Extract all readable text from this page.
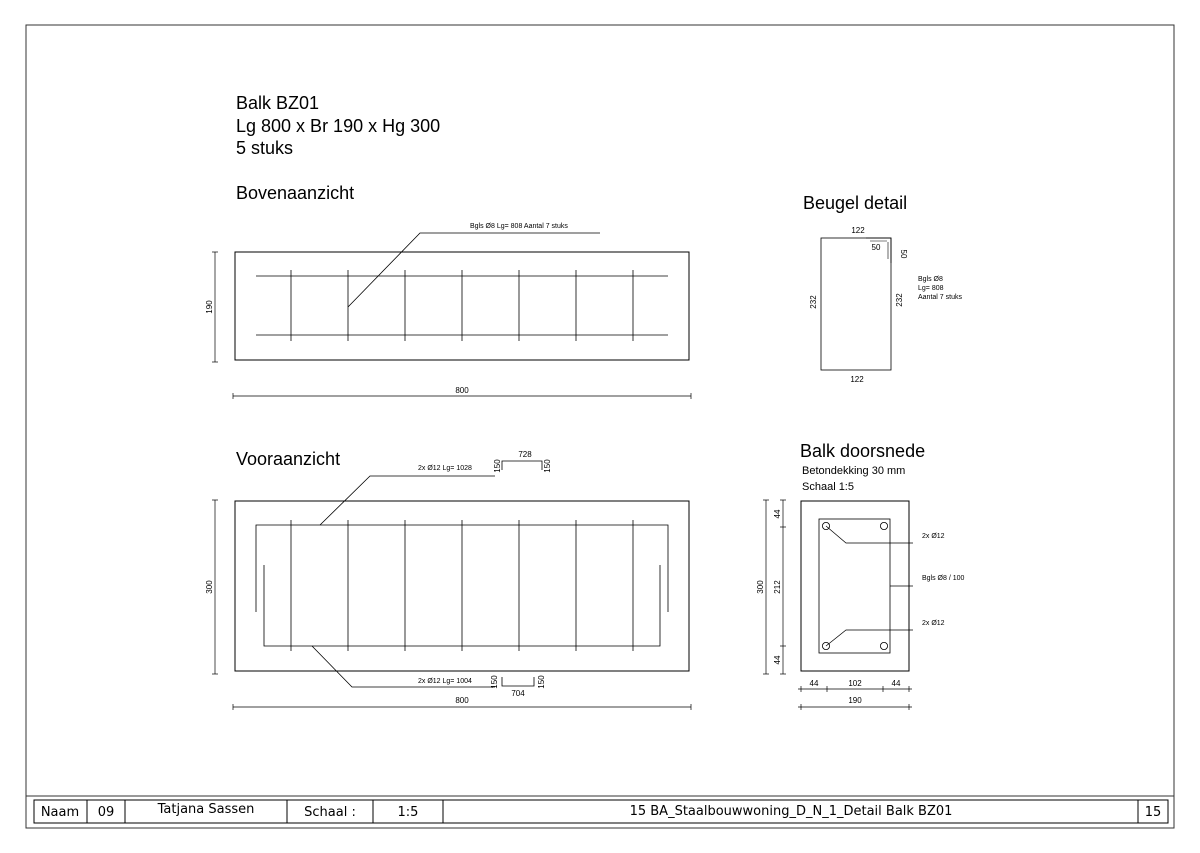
Balk BZ01
Lg 800 x Br 190 x Hg 300
5 stuks
Bovenaanzicht
Bgls Ø8 Lg= 808 Aantal 7 stuks
190
800
Vooraanzicht	2x Ø12 Lg= 1028
728
150	150
2x Ø12 Lg= 1004
704
150	150
300
800
Beugel detail
122
122
50
50
232	232
Bgls Ø8
Lg= 808
Aantal 7 stuks
Balk doorsnede
Betondekking 30 mm
Schaal 1:5
2x Ø12
Bgls Ø8 / 100
2x Ø12
300
44
212
44
44	102	44
190
Naam 09	Tatjana Sassen	Schaal :	1:5	15 BA_Staalbouwwoning_D_N_1_Detail Balk BZ01	15
